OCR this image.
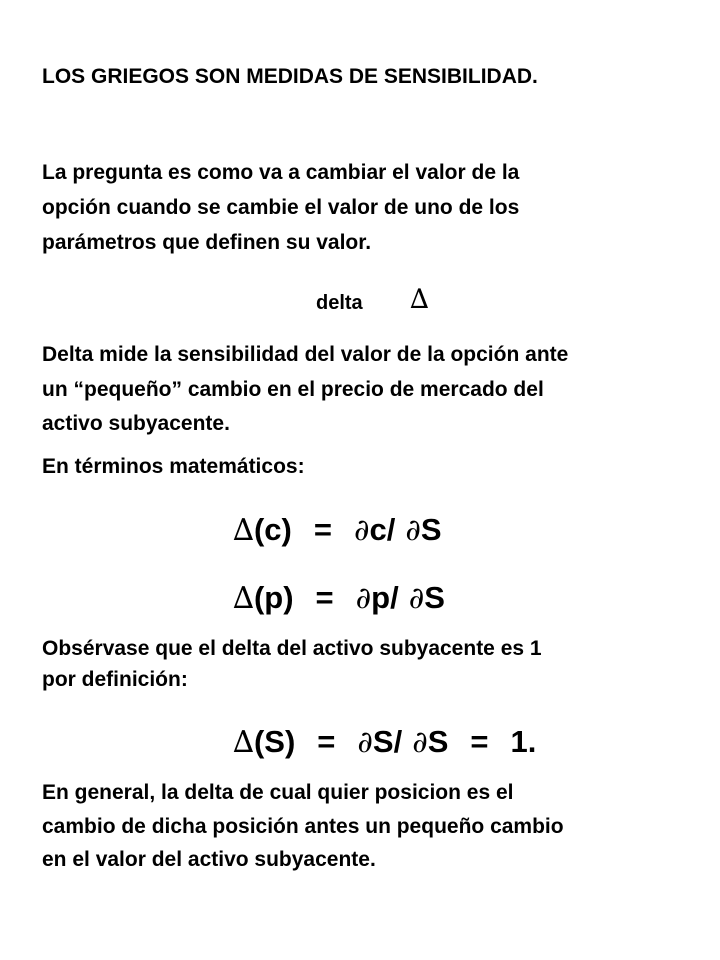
LOS GRIEGOS SON MEDIDAS DE SENSIBILIDAD.
La pregunta es como va a cambiar el valor de la
opción cuando se cambie el valor de uno de los
parámetros que definen su valor.
delta ∆
Delta mide la sensibilidad del valor de la opción ante
un “pequeño” cambio en el precio de mercado del
activo subyacente.
En términos matemáticos:
∆(c) = ∂c/ ∂S
∆(p) = ∂p/ ∂S
Obsérvase que el delta del activo subyacente es 1
por definición:
∆(S) = ∂S/ ∂S = 1.
En general, la delta de cual quier posicion es el
cambio de dicha posición antes un pequeño cambio
en el valor del activo subyacente.
